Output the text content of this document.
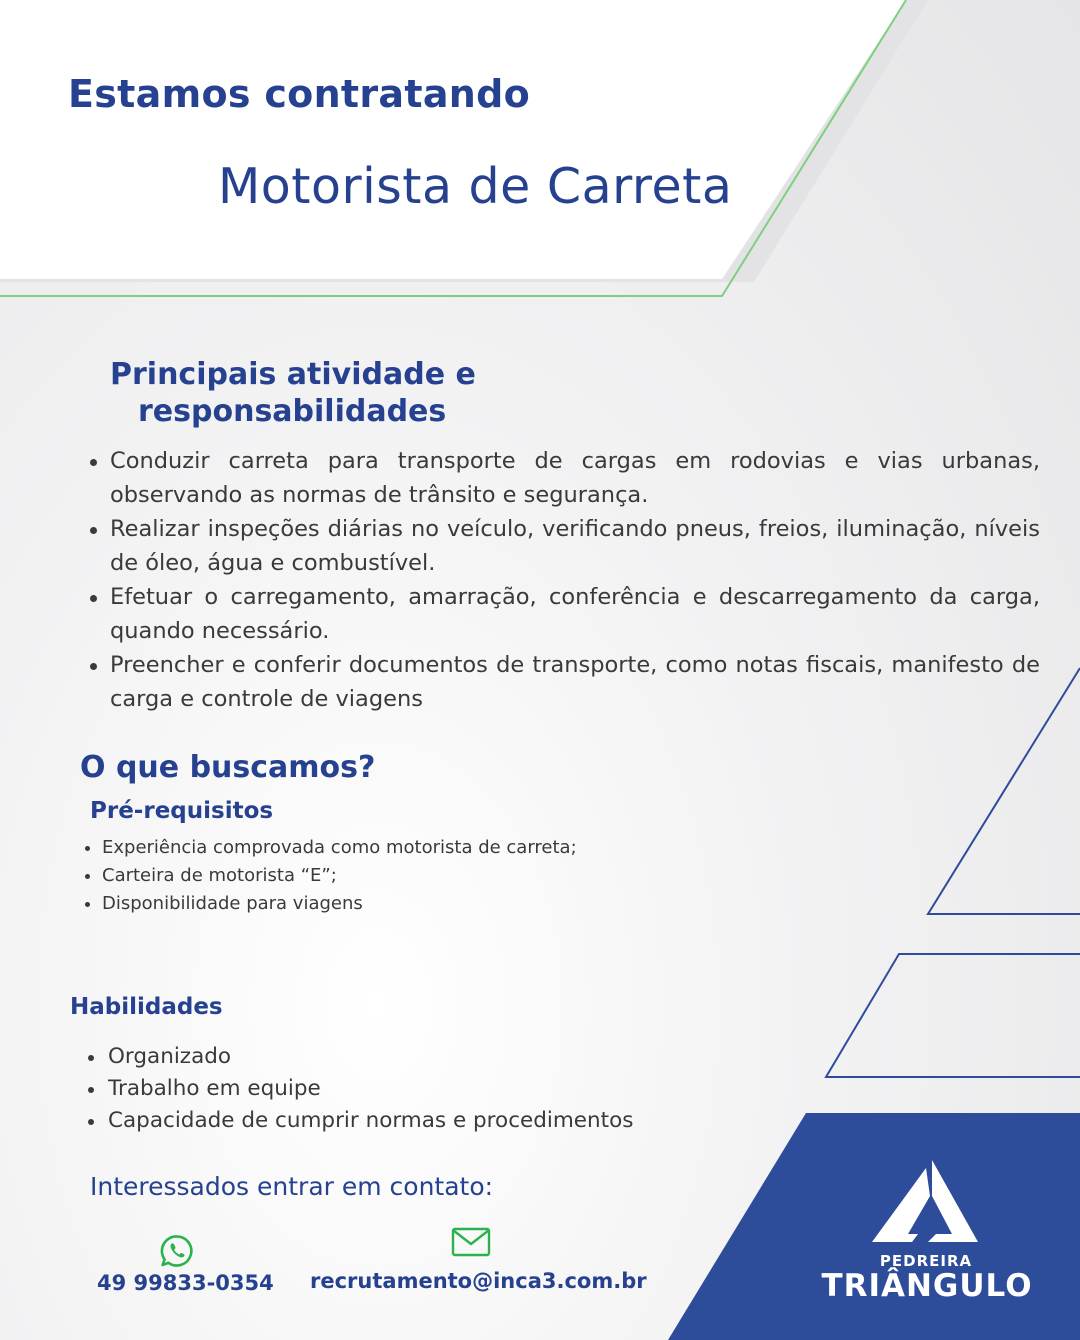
Estamos contratando
Motorista de Carreta
Principais atividade e
responsabilidades
Conduzir carreta para transporte de cargas em rodovias e vias urbanas, observando as normas de trânsito e segurança.
Realizar inspeções diárias no veículo, verificando pneus, freios, iluminação, níveis de óleo, água e combustível.
Efetuar o carregamento, amarração, conferência e descarregamento da carga, quando necessário.
Preencher e conferir documentos de transporte, como notas fiscais, manifesto de carga e controle de viagens
O que buscamos?
Pré-requisitos
Experiência comprovada como motorista de carreta;
Carteira de motorista “E”;
Disponibilidade para viagens
Habilidades
Organizado
Trabalho em equipe
Capacidade de cumprir normas e procedimentos

Interessados entrar em contato:

49 99833-0354 recrutamento@inca3.com.br
PEDREIRA
TRIÂNGULO
